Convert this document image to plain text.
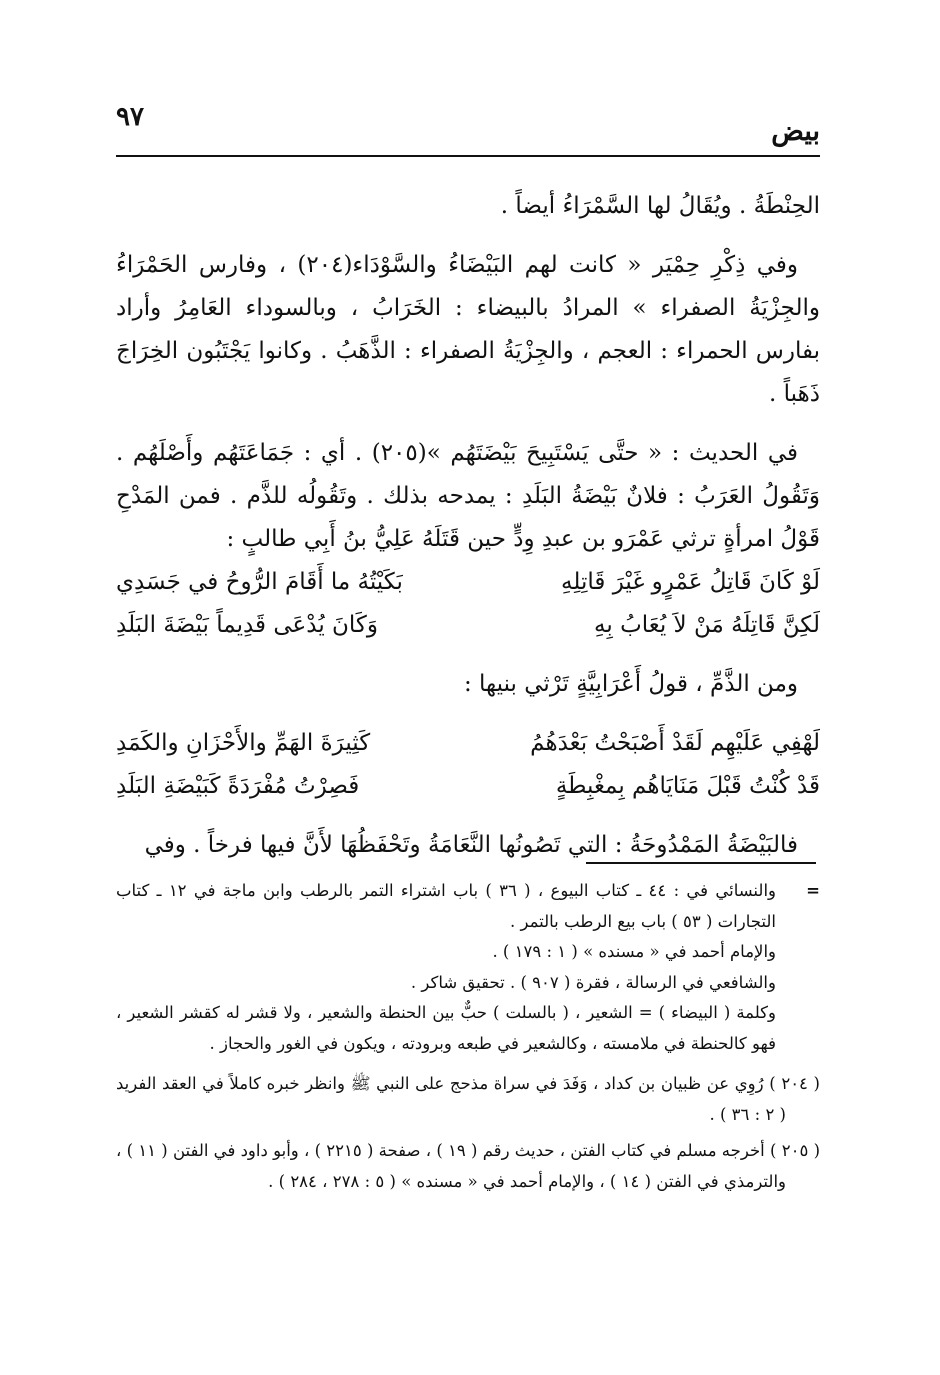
٩٧	بيض

الحِنْطَةُ . ويُقَالُ لها السَّمْرَاءُ أيضاً .

وفي ذِكْرِ حِمْيَر « كانت لهم البَيْضَاءُ والسَّوْدَاء(٢٠٤) ، وفارس الحَمْرَاءُ والجِزْيَةُ الصفراء » المرادُ بالبيضاء : الخَرَابُ ، وبالسوداء العَامِرُ وأراد بفارس الحمراء : العجم ، والجِزْيَةُ الصفراء : الذَّهَبُ . وكانوا يَجْتَبُون الخِرَاجَ ذَهَباً .

في الحديث : « حتَّى يَسْتَبِيحَ بَيْضَتَهُم »(٢٠٥) . أي : جَمَاعَتَهُم وأَصْلَهُم . وَتَقُولُ العَرَبُ : فلانٌ بَيْضَةُ البَلَدِ : يمدحه بذلك . وتَقُولُه للذَّم . فمن المَدْحِ قَوْلُ امرأةٍ ترثي عَمْرَو بن عبدِ وِدٍّ حين قَتَلَهُ عَلِيُّ بنُ أَبِي طالبٍ :

لَوْ كَانَ قَاتِلُ عَمْرٍو غَيْرَ قَاتِلِهِ
بَكَيْتُهُ ما أَقَامَ الرُّوحُ في جَسَدِي
لَكِنَّ قَاتِلَهُ مَنْ لاَ يُعَابُ بِهِ
وَكَانَ يُدْعَى قَدِيماً بَيْضَةَ البَلَدِ

ومن الذَّمِّ ، قولُ أَعْرَابِيَّةٍ تَرْثي بنيها :

لَهْفِي عَلَيْهِم لَقَدْ أَصْبَحْتُ بَعْدَهُمُ
كَثِيرَةَ الهَمِّ والأَحْزَانِ والكَمَدِ
قَدْ كُنْتُ قَبْلَ مَنَايَاهُم بِمغْبِطَةٍ
فَصِرْتُ مُفْرَدَةً كَبَيْضَةِ البَلَدِ

فالبَيْضَةُ المَمْدُوحَةُ : التي تَصُونُها النَّعَامَةُ وتَحْفَظُهَا لأَنَّ فيها فرخاً . وفي

=

والنسائي في : ٤٤ ـ كتاب البيوع ، ( ٣٦ ) باب اشتراء التمر بالرطب وابن ماجة في ١٢ ـ كتاب التجارات ( ٥٣ ) باب بيع الرطب بالتمر .

والإمام أحمد في « مسنده » ( ١ : ١٧٩ ) .

والشافعي في الرسالة ، فقرة ( ٩٠٧ ) . تحقيق شاكر .

وكلمة ( البيضاء ) = الشعير ، ( بالسلت ) حبٌّ بين الحنطة والشعير ، ولا قشر له كقشر الشعير ، فهو كالحنطة في ملامسته ، وكالشعير في طبعه وبرودته ، ويكون في الغور والحجاز .

( ٢٠٤ ) رُوِي عن ظبيان بن كداد ، وَفَدَ في سراة مذحج على النبي ﷺ وانظر خبره كاملاً في العقد الفريد ( ٢ : ٣٦ ) .

( ٢٠٥ ) أخرجه مسلم في كتاب الفتن ، حديث رقم ( ١٩ ) ، صفحة ( ٢٢١٥ ) ، وأبو داود في الفتن ( ١١ ) ، والترمذي في الفتن ( ١٤ ) ، والإمام أحمد في « مسنده » ( ٥ : ٢٧٨ ، ٢٨٤ ) .
